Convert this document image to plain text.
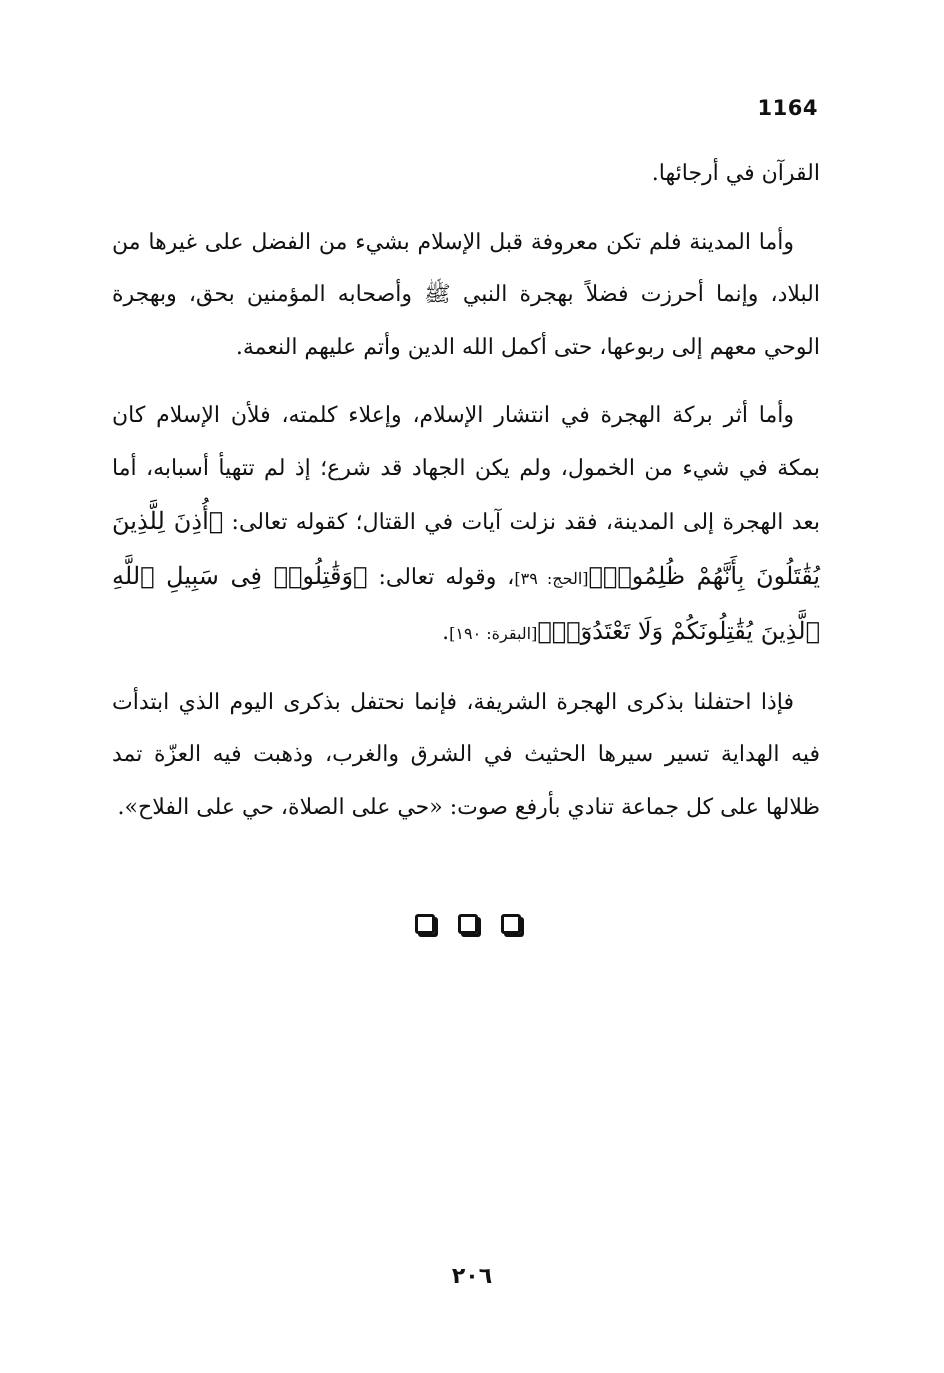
1164

القرآن في أرجائها.

وأما المدينة فلم تكن معروفة قبل الإسلام بشيء من الفضل على غيرها من البلاد، وإنما أحرزت فضلاً بهجرة النبي ﷺ وأصحابه المؤمنين بحق، وبهجرة الوحي معهم إلى ربوعها، حتى أكمل الله الدين وأتم عليهم النعمة.

وأما أثر بركة الهجرة في انتشار الإسلام، وإعلاء كلمته، فلأن الإسلام كان بمكة في شيء من الخمول، ولم يكن الجهاد قد شرع؛ إذ لم تتهيأ أسبابه، أما بعد الهجرة إلى المدينة، فقد نزلت آيات في القتال؛ كقوله تعالى: ﴿أُذِنَ لِلَّذِينَ يُقَٰتَلُونَ بِأَنَّهُمْ ظُلِمُوا۟﴾[الحج: ٣٩]، وقوله تعالى: ﴿وَقَٰتِلُوا۟ فِى سَبِيلِ ٱللَّهِ ٱلَّذِينَ يُقَٰتِلُونَكُمْ وَلَا تَعْتَدُوٓا۟﴾[البقرة: ١٩٠].

فإذا احتفلنا بذكرى الهجرة الشريفة، فإنما نحتفل بذكرى اليوم الذي ابتدأت فيه الهداية تسير سيرها الحثيث في الشرق والغرب، وذهبت فيه العزّة تمد ظلالها على كل جماعة تنادي بأرفع صوت: «حي على الصلاة، حي على الفلاح».

٢٠٦
